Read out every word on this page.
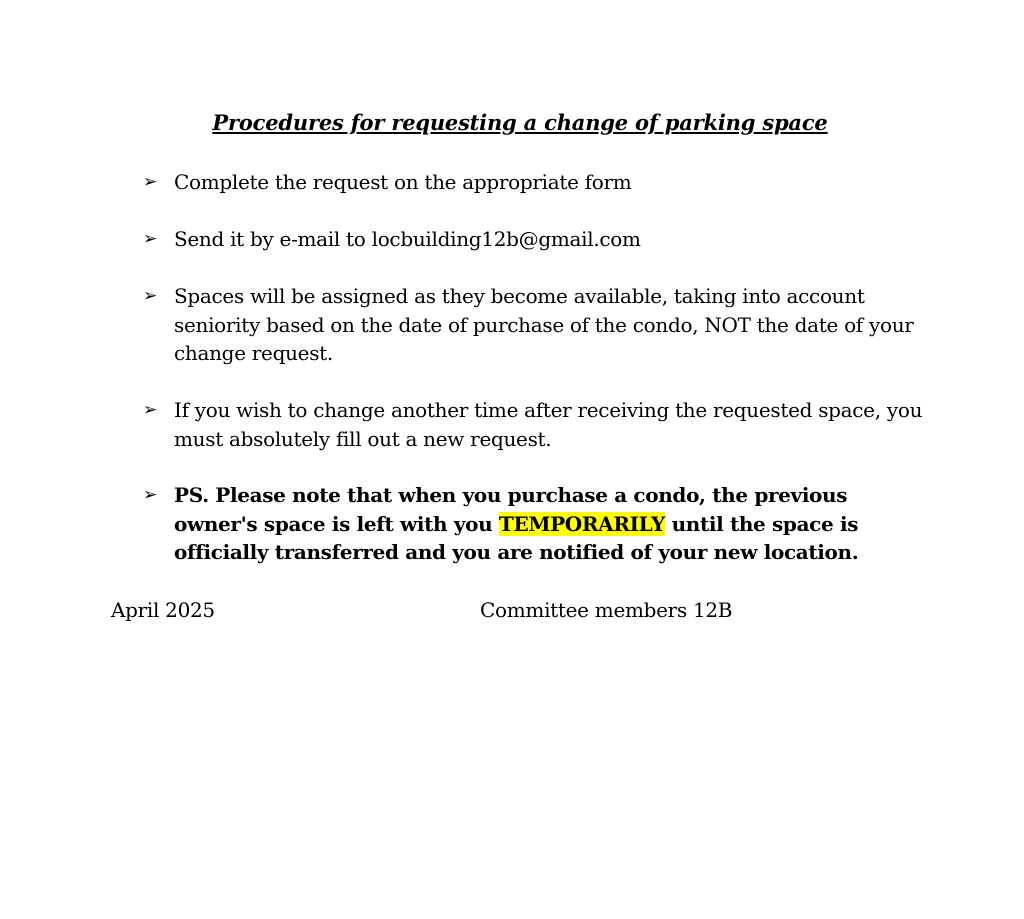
Procedures for requesting a change of parking space
➢ Complete the request on the appropriate form
➢ Send it by e-mail to locbuilding12b@gmail.com
➢ Spaces will be assigned as they become available, taking into account seniority based on the date of purchase of the condo, NOT the date of your change request.
➢ If you wish to change another time after receiving the requested space, you must absolutely fill out a new request.
➢ PS. Please note that when you purchase a condo, the previous owner's space is left with you TEMPORARILY until the space is officially transferred and you are notified of your new location.
April 2025	Committee members 12B
